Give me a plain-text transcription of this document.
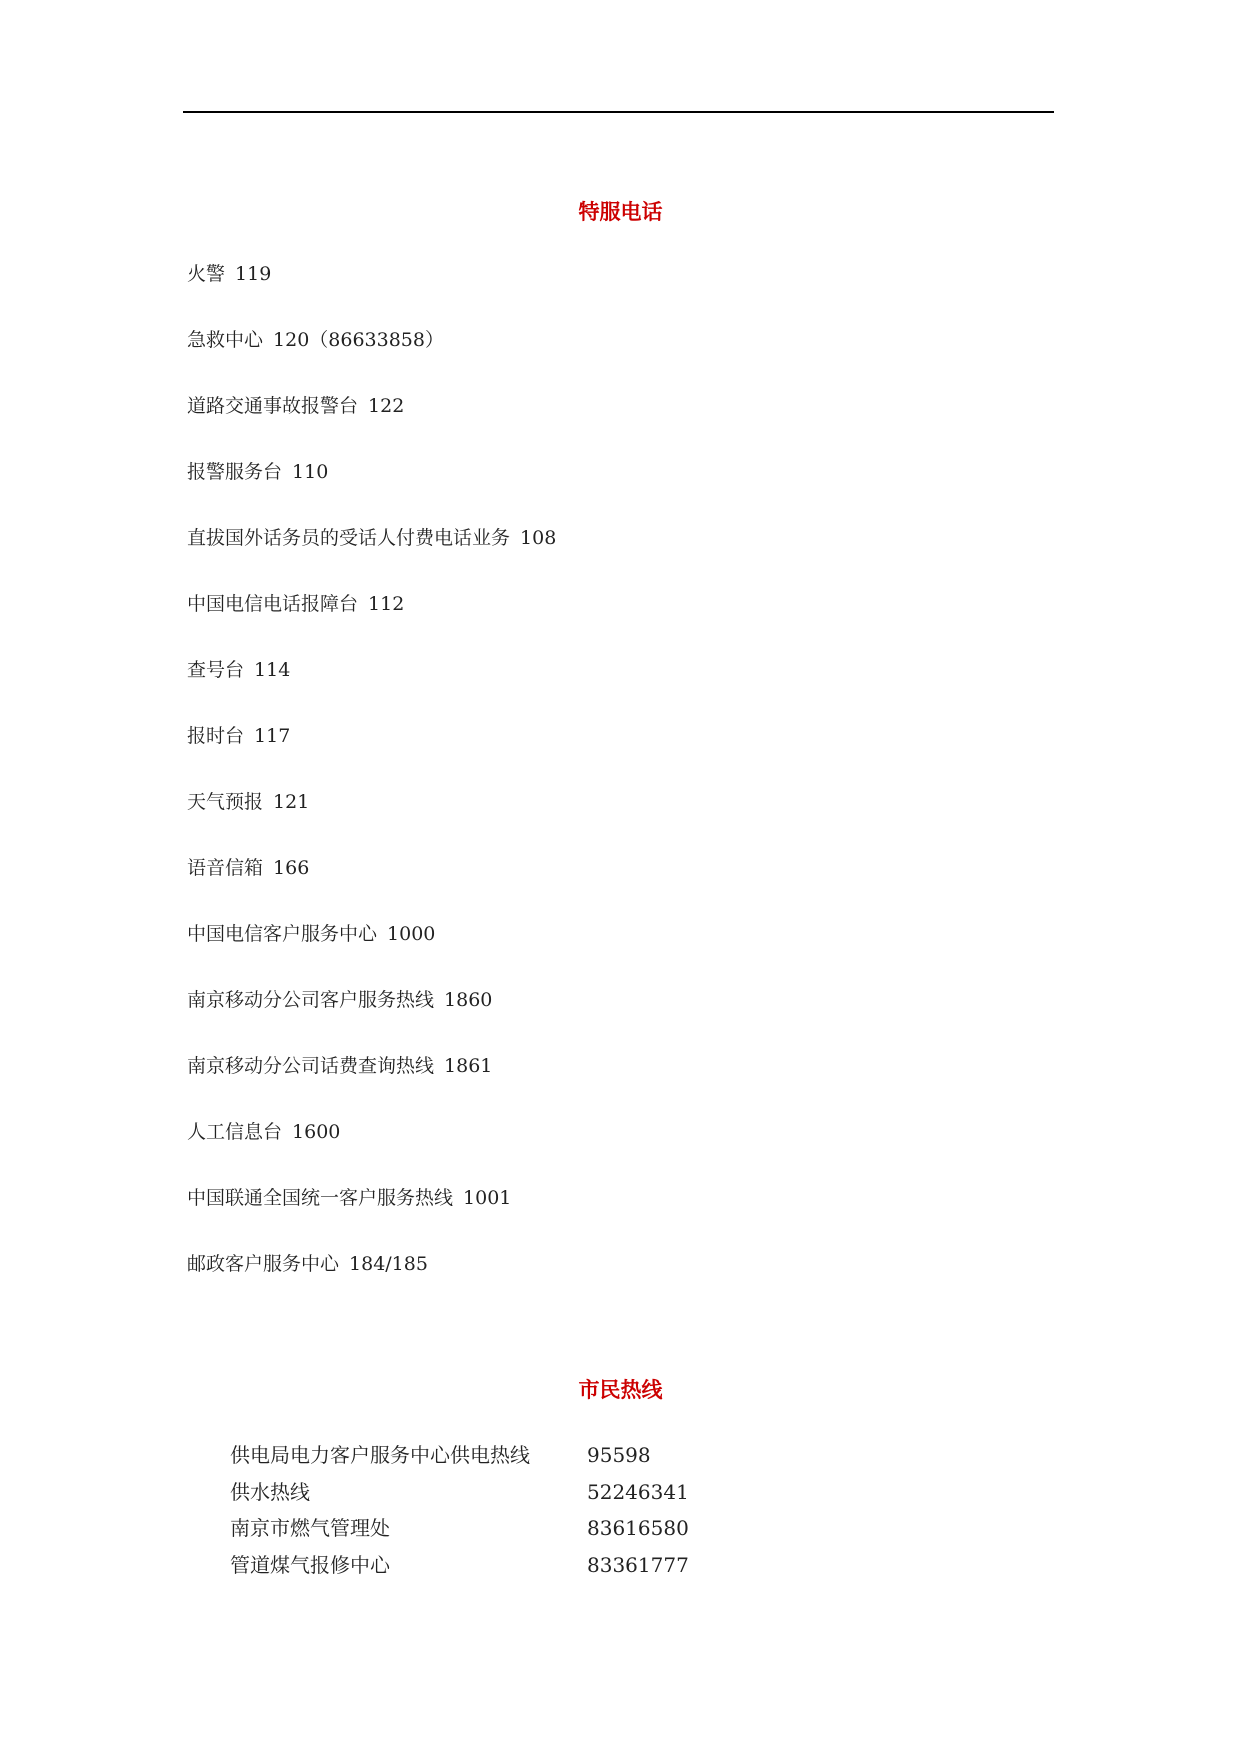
特服电话
火警 119
急救中心 120（86633858）
道路交通事故报警台 122
报警服务台 110
直拔国外话务员的受话人付费电话业务 108
中国电信电话报障台 112
查号台 114
报时台 117
天气预报 121
语音信箱 166
中国电信客户服务中心 1000
南京移动分公司客户服务热线 1860
南京移动分公司话费查询热线 1861
人工信息台 1600
中国联通全国统一客户服务热线 1001
邮政客户服务中心 184/185
市民热线
供电局电力客户服务中心供电热线	95598
供水热线	52246341
南京市燃气管理处	83616580
管道煤气报修中心	83361777
